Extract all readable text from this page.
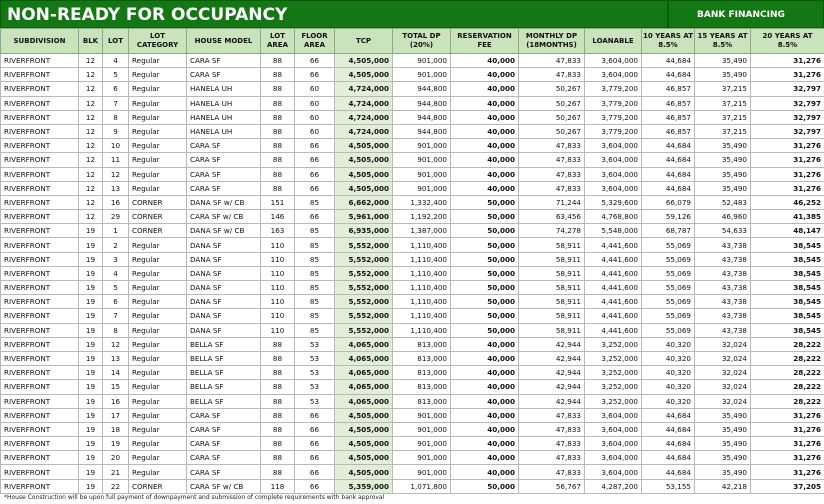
NON-READY FOR OCCUPANCY	BANK FINANCING
SUBDIVISION	BLK	LOT	LOT CATEGORY	HOUSE MODEL	LOT AREA	FLOOR AREA	TCP	TOTAL DP (20%)	RESERVATION FEE	MONTHLY DP (18MONTHS)	LOANABLE	10 YEARS AT 8.5%	15 YEARS AT 8.5%	20 YEARS AT 8.5%
RIVERFRONT	12	4	Regular	CARA SF	88	66	4,505,000	901,000	40,000	47,833	3,604,000	44,684	35,490	31,276
RIVERFRONT	12	5	Regular	CARA SF	88	66	4,505,000	901,000	40,000	47,833	3,604,000	44,684	35,490	31,276
RIVERFRONT	12	6	Regular	HANELA UH	88	60	4,724,000	944,800	40,000	50,267	3,779,200	46,857	37,215	32,797
RIVERFRONT	12	7	Regular	HANELA UH	88	60	4,724,000	944,800	40,000	50,267	3,779,200	46,857	37,215	32,797
RIVERFRONT	12	8	Regular	HANELA UH	88	60	4,724,000	944,800	40,000	50,267	3,779,200	46,857	37,215	32,797
RIVERFRONT	12	9	Regular	HANELA UH	88	60	4,724,000	944,800	40,000	50,267	3,779,200	46,857	37,215	32,797
RIVERFRONT	12	10	Regular	CARA SF	88	66	4,505,000	901,000	40,000	47,833	3,604,000	44,684	35,490	31,276
RIVERFRONT	12	11	Regular	CARA SF	88	66	4,505,000	901,000	40,000	47,833	3,604,000	44,684	35,490	31,276
RIVERFRONT	12	12	Regular	CARA SF	88	66	4,505,000	901,000	40,000	47,833	3,604,000	44,684	35,490	31,276
RIVERFRONT	12	13	Regular	CARA SF	88	66	4,505,000	901,000	40,000	47,833	3,604,000	44,684	35,490	31,276
RIVERFRONT	12	16	CORNER	DANA SF w/ CB	151	85	6,662,000	1,332,400	50,000	71,244	5,329,600	66,079	52,483	46,252
RIVERFRONT	12	29	CORNER	CARA SF w/ CB	146	66	5,961,000	1,192,200	50,000	63,456	4,768,800	59,126	46,960	41,385
RIVERFRONT	19	1	CORNER	DANA SF w/ CB	163	85	6,935,000	1,387,000	50,000	74,278	5,548,000	68,787	54,633	48,147
RIVERFRONT	19	2	Regular	DANA SF	110	85	5,552,000	1,110,400	50,000	58,911	4,441,600	55,069	43,738	38,545
RIVERFRONT	19	3	Regular	DANA SF	110	85	5,552,000	1,110,400	50,000	58,911	4,441,600	55,069	43,738	38,545
RIVERFRONT	19	4	Regular	DANA SF	110	85	5,552,000	1,110,400	50,000	58,911	4,441,600	55,069	43,738	38,545
RIVERFRONT	19	5	Regular	DANA SF	110	85	5,552,000	1,110,400	50,000	58,911	4,441,600	55,069	43,738	38,545
RIVERFRONT	19	6	Regular	DANA SF	110	85	5,552,000	1,110,400	50,000	58,911	4,441,600	55,069	43,738	38,545
RIVERFRONT	19	7	Regular	DANA SF	110	85	5,552,000	1,110,400	50,000	58,911	4,441,600	55,069	43,738	38,545
RIVERFRONT	19	8	Regular	DANA SF	110	85	5,552,000	1,110,400	50,000	58,911	4,441,600	55,069	43,738	38,545
RIVERFRONT	19	12	Regular	BELLA SF	88	53	4,065,000	813,000	40,000	42,944	3,252,000	40,320	32,024	28,222
RIVERFRONT	19	13	Regular	BELLA SF	88	53	4,065,000	813,000	40,000	42,944	3,252,000	40,320	32,024	28,222
RIVERFRONT	19	14	Regular	BELLA SF	88	53	4,065,000	813,000	40,000	42,944	3,252,000	40,320	32,024	28,222
RIVERFRONT	19	15	Regular	BELLA SF	88	53	4,065,000	813,000	40,000	42,944	3,252,000	40,320	32,024	28,222
RIVERFRONT	19	16	Regular	BELLA SF	88	53	4,065,000	813,000	40,000	42,944	3,252,000	40,320	32,024	28,222
RIVERFRONT	19	17	Regular	CARA SF	88	66	4,505,000	901,000	40,000	47,833	3,604,000	44,684	35,490	31,276
RIVERFRONT	19	18	Regular	CARA SF	88	66	4,505,000	901,000	40,000	47,833	3,604,000	44,684	35,490	31,276
RIVERFRONT	19	19	Regular	CARA SF	88	66	4,505,000	901,000	40,000	47,833	3,604,000	44,684	35,490	31,276
RIVERFRONT	19	20	Regular	CARA SF	88	66	4,505,000	901,000	40,000	47,833	3,604,000	44,684	35,490	31,276
RIVERFRONT	19	21	Regular	CARA SF	88	66	4,505,000	901,000	40,000	47,833	3,604,000	44,684	35,490	31,276
RIVERFRONT	19	22	CORNER	CARA SF w/ CB	118	66	5,359,000	1,071,800	50,000	56,767	4,287,200	53,155	42,218	37,205
*House Construction will be upon full payment of downpayment and submission of complete requirements with bank approval
